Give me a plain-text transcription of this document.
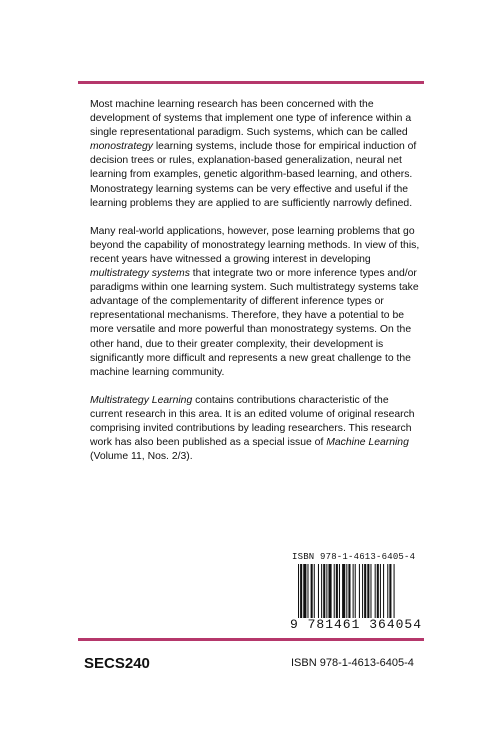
Most machine learning research has been concerned with the development of systems that implement one type of inference within a single representational paradigm. Such systems, which can be called monostrategy learning systems, include those for empirical induction of decision trees or rules, explanation-based generalization, neural net learning from examples, genetic algorithm-based learning, and others. Monostrategy learning systems can be very effective and useful if the learning problems they are applied to are sufficiently narrowly defined.

Many real-world applications, however, pose learning problems that go beyond the capability of monostrategy learning methods. In view of this, recent years have witnessed a growing interest in developing multistrategy systems that integrate two or more inference types and/or paradigms within one learning system. Such multistrategy systems take advantage of the complementarity of different inference types or representational mechanisms. Therefore, they have a potential to be more versatile and more powerful than monostrategy systems. On the other hand, due to their greater complexity, their development is significantly more difficult and represents a new great challenge to the machine learning community.

Multistrategy Learning contains contributions characteristic of the current research in this area. It is an edited volume of original research comprising invited contributions by leading researchers. This research work has also been published as a special issue of Machine Learning (Volume 11, Nos. 2/3).

ISBN 978-1-4613-6405-4
9 781461 364054
SECS240	ISBN 978-1-4613-6405-4
